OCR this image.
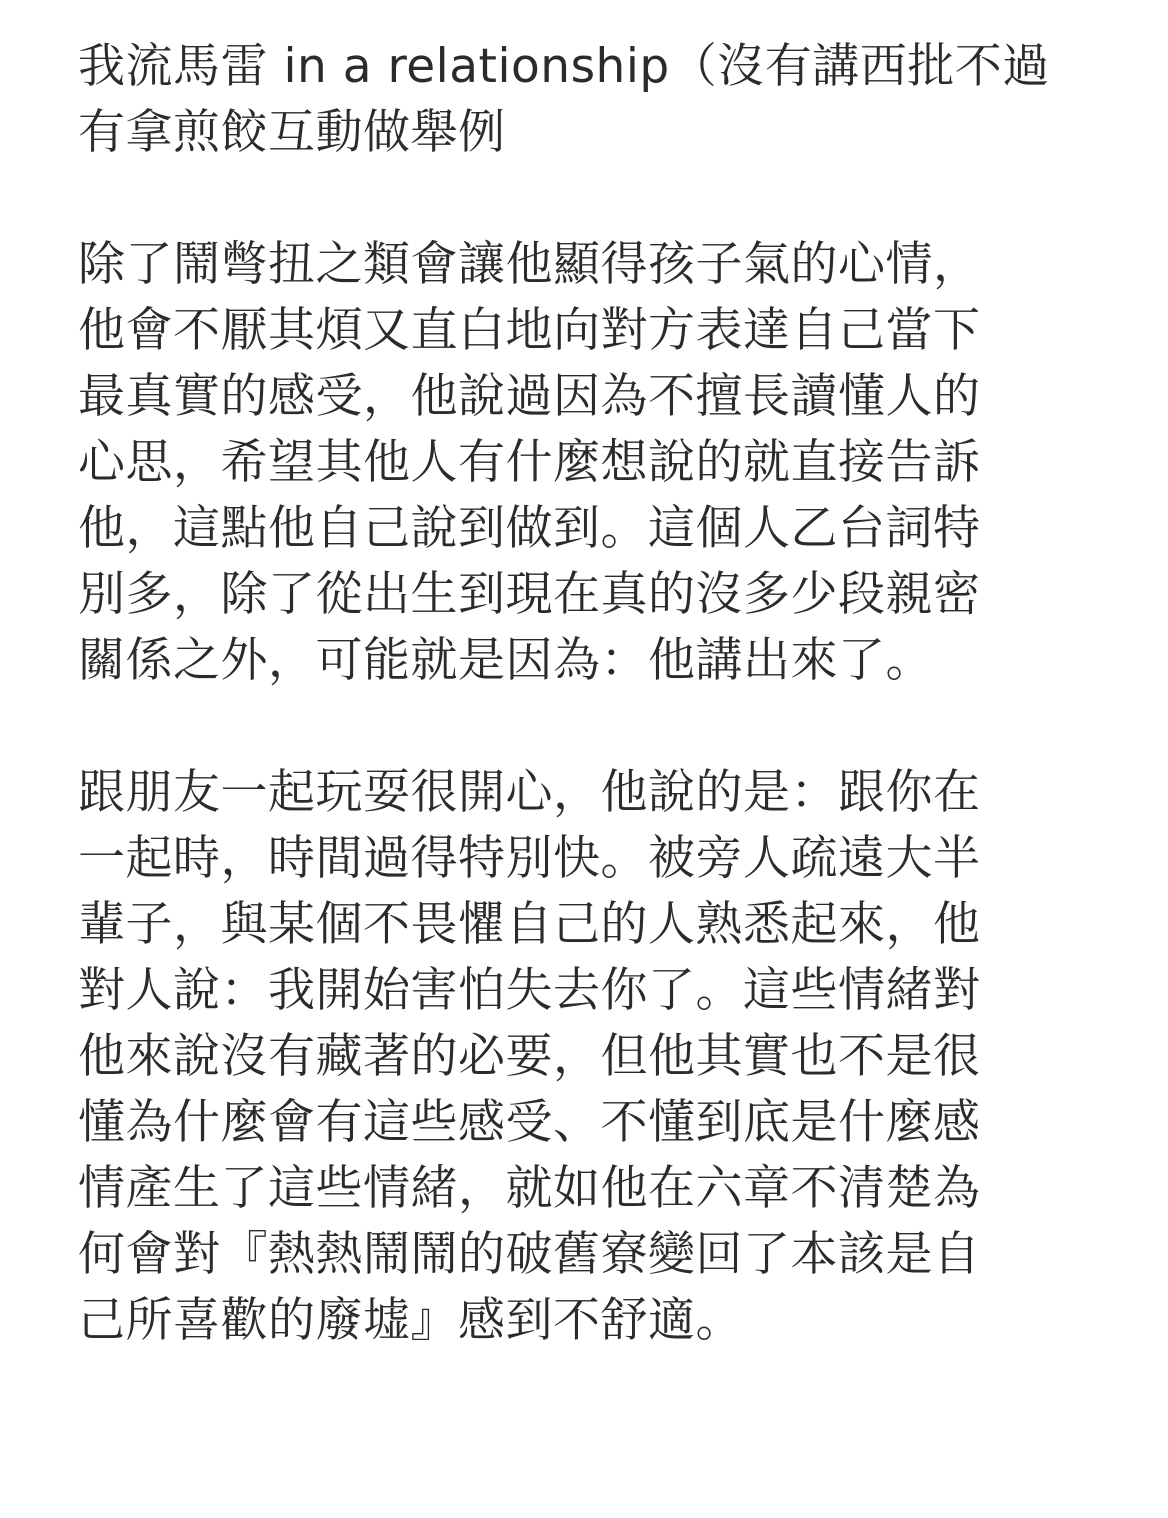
我流馬雷 in a relationship（沒有講西批不過
有拿煎餃互動做舉例
除了鬧彆扭之類會讓他顯得孩子氣的心情，
他會不厭其煩又直白地向對方表達自己當下
最真實的感受，他說過因為不擅長讀懂人的
心思，希望其他人有什麼想說的就直接告訴
他，這點他自己說到做到。這個人乙台詞特
別多，除了從出生到現在真的沒多少段親密
關係之外，可能就是因為：他講出來了。
跟朋友一起玩耍很開心，他說的是：跟你在
一起時，時間過得特別快。被旁人疏遠大半
輩子，與某個不畏懼自己的人熟悉起來，他
對人說：我開始害怕失去你了。這些情緒對
他來說沒有藏著的必要，但他其實也不是很
懂為什麼會有這些感受、不懂到底是什麼感
情產生了這些情緒，就如他在六章不清楚為
何會對『熱熱鬧鬧的破舊寮變回了本該是自
己所喜歡的廢墟』感到不舒適。
